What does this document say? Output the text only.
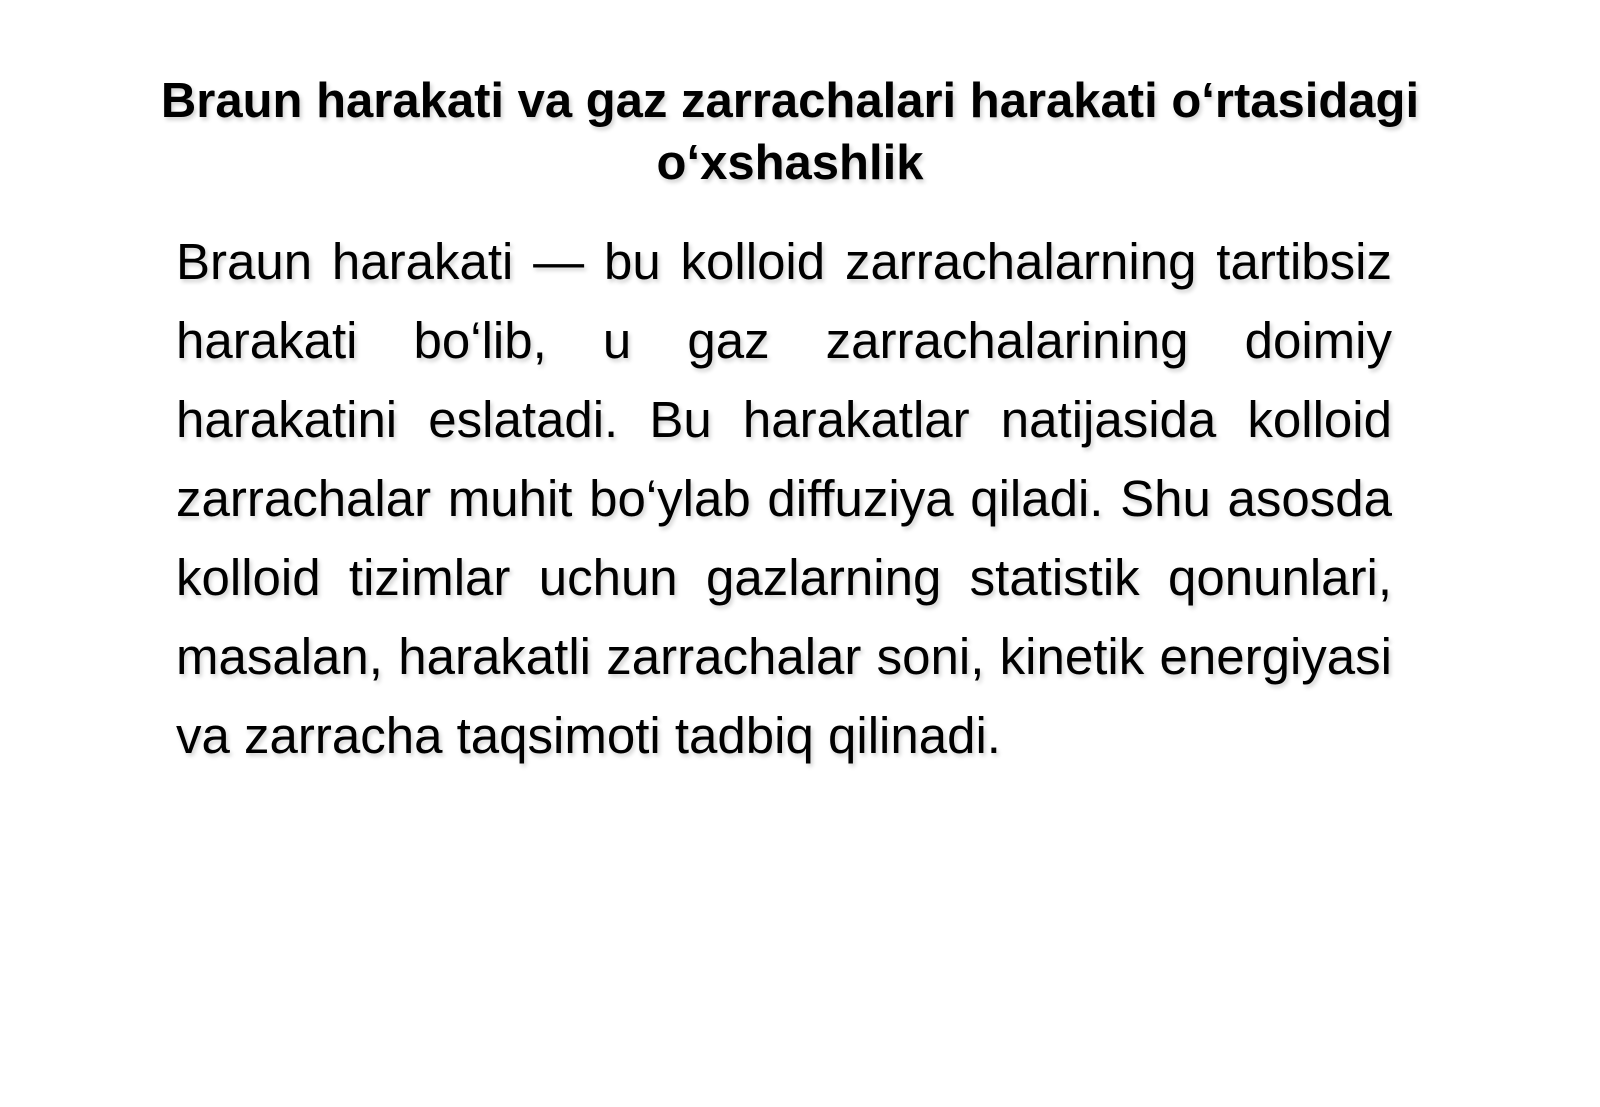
Braun harakati va gaz zarrachalari harakati o‘rtasidagi o‘xshashlik

Braun harakati — bu kolloid zarrachalarning tartibsiz harakati bo‘lib, u gaz zarrachalarining doimiy harakatini eslatadi. Bu harakatlar natijasida kolloid zarrachalar muhit bo‘ylab diffuziya qiladi. Shu asosda kolloid tizimlar uchun gazlarning statistik qonunlari, masalan, harakatli zarrachalar soni, kinetik energiyasi va zarracha taqsimoti tadbiq qilinadi.
